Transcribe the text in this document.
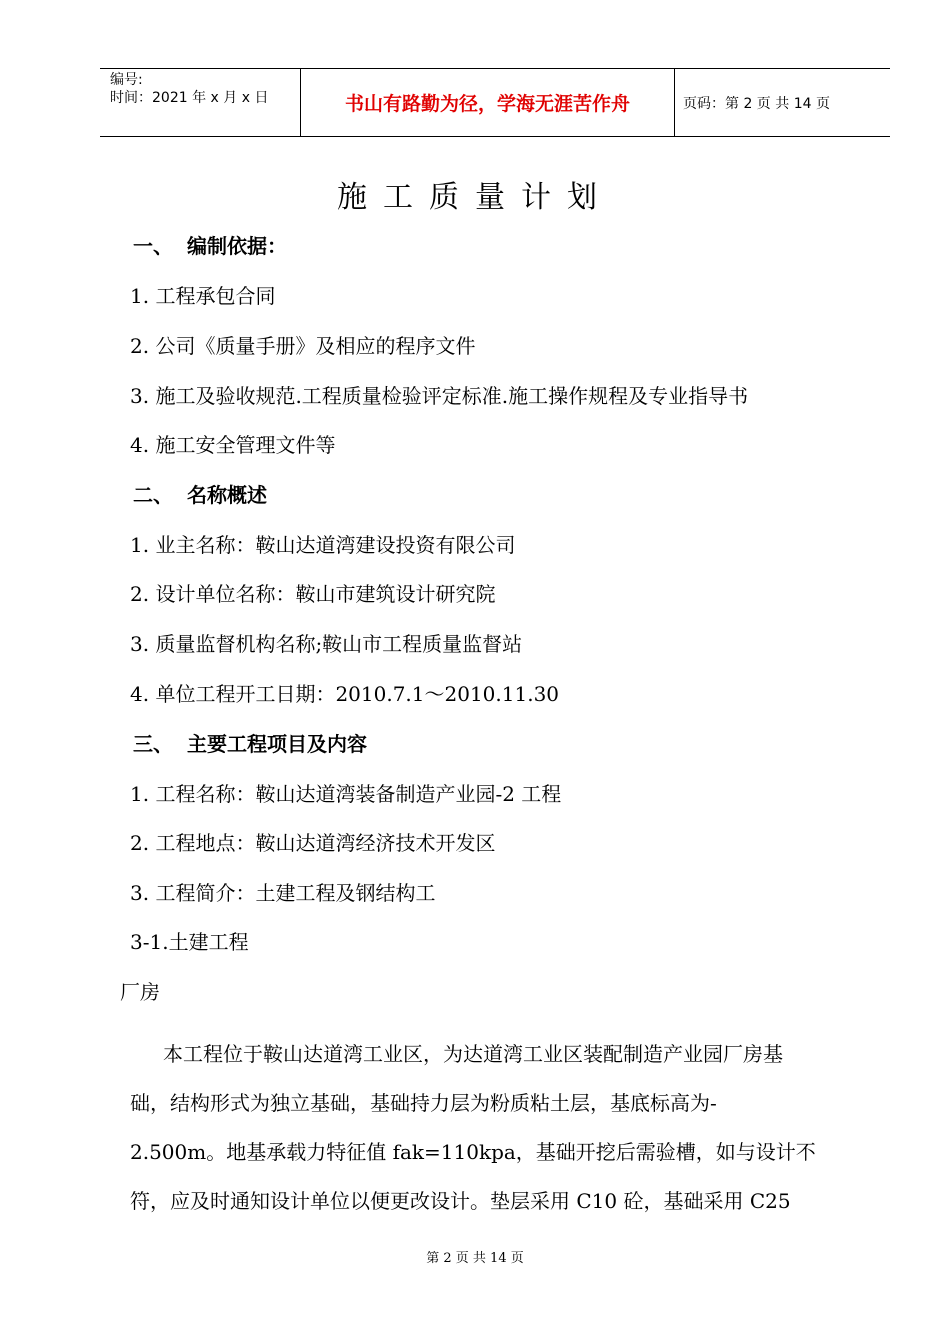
编号:
时间：2021 年 x 月 x 日	书山有路勤为径，学海无涯苦作舟	页码：第 2 页 共 14 页
施工质量计划
一、 编制依据：
1. 工程承包合同
2. 公司《质量手册》及相应的程序文件
3. 施工及验收规范.工程质量检验评定标准.施工操作规程及专业指导书
4. 施工安全管理文件等
二、 名称概述
1. 业主名称：鞍山达道湾建设投资有限公司
2. 设计单位名称：鞍山市建筑设计研究院
3. 质量监督机构名称;鞍山市工程质量监督站
4. 单位工程开工日期：2010.7.1～2010.11.30
三、 主要工程项目及内容
1. 工程名称：鞍山达道湾装备制造产业园-2 工程
2. 工程地点：鞍山达道湾经济技术开发区
3. 工程简介：土建工程及钢结构工
3-1.土建工程
厂房
本工程位于鞍山达道湾工业区，为达道湾工业区装配制造产业园厂房基
础，结构形式为独立基础，基础持力层为粉质粘土层，基底标高为-
2.500m。地基承载力特征值 fak=110kpa，基础开挖后需验槽，如与设计不
符，应及时通知设计单位以便更改设计。垫层采用 C10 砼，基础采用 C25
第 2 页 共 14 页
